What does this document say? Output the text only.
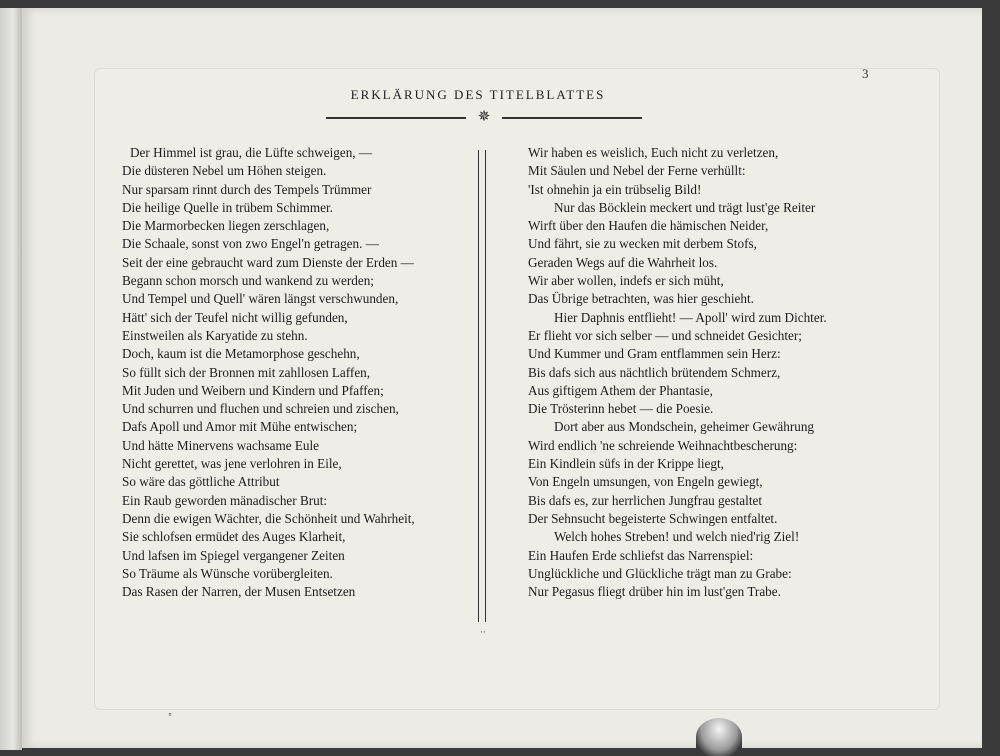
3
ERKLÄRUNG DES TITELBLATTES
✵
Der Himmel ist grau, die Lüfte schweigen, —
Die düsteren Nebel um Höhen steigen.
Nur sparsam rinnt durch des Tempels Trümmer
Die heilige Quelle in trübem Schimmer.
Die Marmorbecken liegen zerschlagen,
Die Schaale, sonst von zwo Engel'n getragen. —
Seit der eine gebraucht ward zum Dienste der Erden —
Begann schon morsch und wankend zu werden;
Und Tempel und Quell' wären längst verschwunden,
Hätt' sich der Teufel nicht willig gefunden,
Einstweilen als Karyatide zu stehn.
Doch, kaum ist die Metamorphose geschehn,
So füllt sich der Bronnen mit zahllosen Laffen,
Mit Juden und Weibern und Kindern und Pfaffen;
Und schurren und fluchen und schreien und zischen,
Dafs Apoll und Amor mit Mühe entwischen;
Und hätte Minervens wachsame Eule
Nicht gerettet, was jene verlohren in Eile,
So wäre das göttliche Attribut
Ein Raub geworden mänadischer Brut:
Denn die ewigen Wächter, die Schönheit und Wahrheit,
Sie schlofsen ermüdet des Auges Klarheit,
Und lafsen im Spiegel vergangener Zeiten
So Träume als Wünsche vorübergleiten.
Das Rasen der Narren, der Musen Entsetzen
··
Wir haben es weislich, Euch nicht zu verletzen,
Mit Säulen und Nebel der Ferne verhüllt:
'Ist ohnehin ja ein trübselig Bild!
Nur das Böcklein meckert und trägt lust'ge Reiter
Wirft über den Haufen die hämischen Neider,
Und fährt, sie zu wecken mit derbem Stofs,
Geraden Wegs auf die Wahrheit los.
Wir aber wollen, indefs er sich müht,
Das Übrige betrachten, was hier geschieht.
Hier Daphnis entflieht! — Apoll' wird zum Dichter.
Er flieht vor sich selber — und schneidet Gesichter;
Und Kummer und Gram entflammen sein Herz:
Bis dafs sich aus nächtlich brütendem Schmerz,
Aus giftigem Athem der Phantasie,
Die Trösterinn hebet — die Poesie.
Dort aber aus Mondschein, geheimer Gewährung
Wird endlich 'ne schreiende Weihnachtbescherung:
Ein Kindlein süfs in der Krippe liegt,
Von Engeln umsungen, von Engeln gewiegt,
Bis dafs es, zur herrlichen Jungfrau gestaltet
Der Sehnsucht begeisterte Schwingen entfaltet.
Welch hohes Streben! und welch nied'rig Ziel!
Ein Haufen Erde schliefst das Narrenspiel:
Unglückliche und Glückliche trägt man zu Grabe:
Nur Pegasus fliegt drüber hin im lust'gen Trabe.
°
